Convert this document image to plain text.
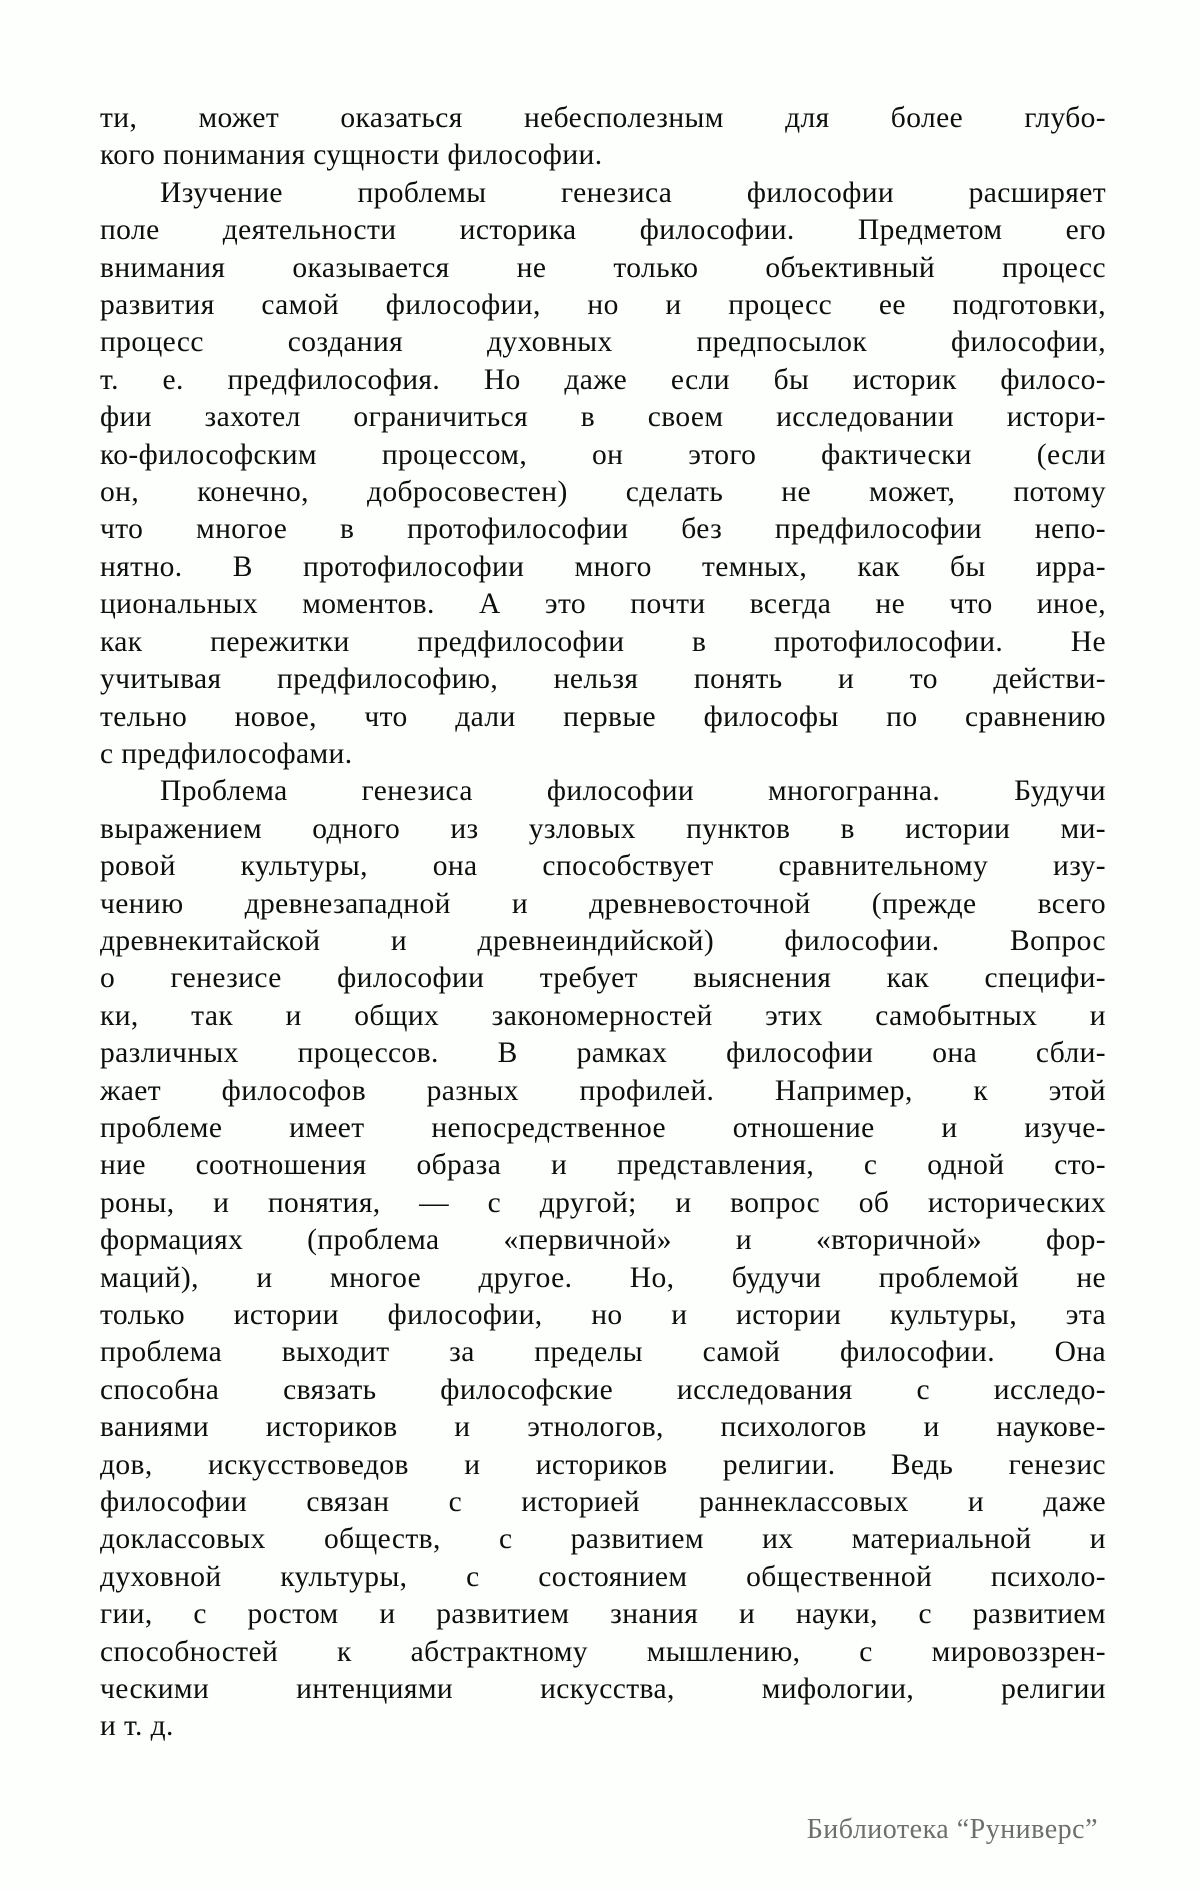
ти, может оказаться небесполезным для более глубо-
кого понимания сущности философии.
Изучение проблемы генезиса философии расширяет
поле деятельности историка философии. Предметом его
внимания оказывается не только объективный процесс
развития самой философии, но и процесс ее подготовки,
процесс создания духовных предпосылок философии,
т. е. предфилософия. Но даже если бы историк филосо-
фии захотел ограничиться в своем исследовании истори-
ко-философским процессом, он этого фактически (если
он, конечно, добросовестен) сделать не может, потому
что многое в протофилософии без предфилософии непо-
нятно. В протофилософии много темных, как бы ирра-
циональных моментов. А это почти всегда не что иное,
как пережитки предфилософии в протофилософии. Не
учитывая предфилософию, нельзя понять и то действи-
тельно новое, что дали первые философы по сравнению
с предфилософами.
Проблема генезиса философии многогранна. Будучи
выражением одного из узловых пунктов в истории ми-
ровой культуры, она способствует сравнительному изу-
чению древнезападной и древневосточной (прежде всего
древнекитайской и древнеиндийской) философии. Вопрос
о генезисе философии требует выяснения как специфи-
ки, так и общих закономерностей этих самобытных и
различных процессов. В рамках философии она сбли-
жает философов разных профилей. Например, к этой
проблеме имеет непосредственное отношение и изуче-
ние соотношения образа и представления, с одной сто-
роны, и понятия, — с другой; и вопрос об исторических
формациях (проблема «первичной» и «вторичной» фор-
маций), и многое другое. Но, будучи проблемой не
только истории философии, но и истории культуры, эта
проблема выходит за пределы самой философии. Она
способна связать философские исследования с исследо-
ваниями историков и этнологов, психологов и наукове-
дов, искусствоведов и историков религии. Ведь генезис
философии связан с историей раннеклассовых и даже
доклассовых обществ, с развитием их материальной и
духовной культуры, с состоянием общественной психоло-
гии, с ростом и развитием знания и науки, с развитием
способностей к абстрактному мышлению, с мировоззрен-
ческими интенциями искусства, мифологии, религии
и т. д.
Библиотека “Руниверс”
